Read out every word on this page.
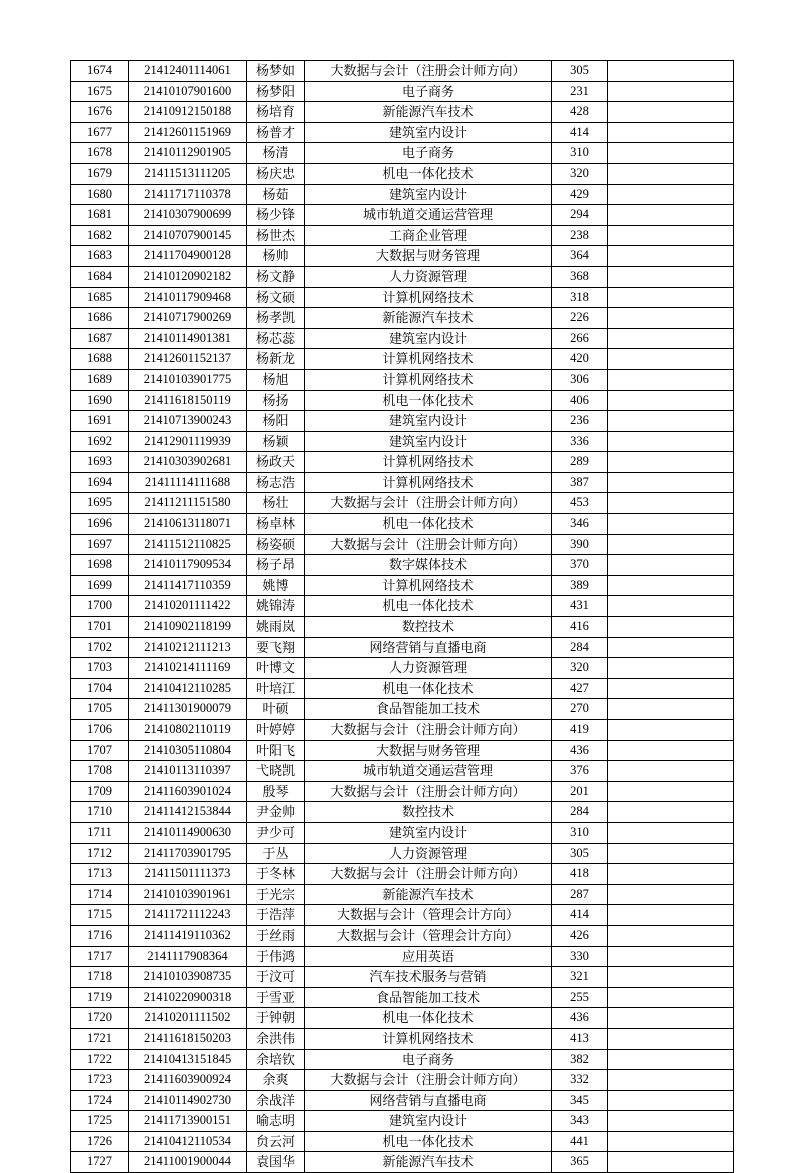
1674	21412401114061	杨梦如	大数据与会计（注册会计师方向）	305	
1675	21410107901600	杨梦阳	电子商务	231	
1676	21410912150188	杨培育	新能源汽车技术	428	
1677	21412601151969	杨普才	建筑室内设计	414	
1678	21410112901905	杨清	电子商务	310	
1679	21411513111205	杨庆忠	机电一体化技术	320	
1680	21411717110378	杨茹	建筑室内设计	429	
1681	21410307900699	杨少锋	城市轨道交通运营管理	294	
1682	21410707900145	杨世杰	工商企业管理	238	
1683	21411704900128	杨帅	大数据与财务管理	364	
1684	21410120902182	杨文静	人力资源管理	368	
1685	21410117909468	杨文硕	计算机网络技术	318	
1686	21410717900269	杨孝凯	新能源汽车技术	226	
1687	21410114901381	杨芯蕊	建筑室内设计	266	
1688	21412601152137	杨新龙	计算机网络技术	420	
1689	21410103901775	杨旭	计算机网络技术	306	
1690	21411618150119	杨扬	机电一体化技术	406	
1691	21410713900243	杨阳	建筑室内设计	236	
1692	21412901119939	杨颖	建筑室内设计	336	
1693	21410303902681	杨政天	计算机网络技术	289	
1694	21411114111688	杨志浩	计算机网络技术	387	
1695	21411211151580	杨壮	大数据与会计（注册会计师方向）	453	
1696	21410613118071	杨卓林	机电一体化技术	346	
1697	21411512110825	杨姿硕	大数据与会计（注册会计师方向）	390	
1698	21410117909534	杨子昂	数字媒体技术	370	
1699	21411417110359	姚博	计算机网络技术	389	
1700	21410201111422	姚锦涛	机电一体化技术	431	
1701	21410902118199	姚雨岚	数控技术	416	
1702	21410212111213	要飞翔	网络营销与直播电商	284	
1703	21410214111169	叶博文	人力资源管理	320	
1704	21410412110285	叶培江	机电一体化技术	427	
1705	21411301900079	叶硕	食品智能加工技术	270	
1706	21410802110119	叶婷婷	大数据与会计（注册会计师方向）	419	
1707	21410305110804	叶阳飞	大数据与财务管理	436	
1708	21410113110397	弋晓凯	城市轨道交通运营管理	376	
1709	21411603901024	殷琴	大数据与会计（注册会计师方向）	201	
1710	21411412153844	尹金帅	数控技术	284	
1711	21410114900630	尹少可	建筑室内设计	310	
1712	21411703901795	于丛	人力资源管理	305	
1713	21411501111373	于冬林	大数据与会计（注册会计师方向）	418	
1714	21410103901961	于光宗	新能源汽车技术	287	
1715	21411721112243	于浩萍	大数据与会计（管理会计方向）	414	
1716	21411419110362	于丝雨	大数据与会计（管理会计方向）	426	
1717	21411179083​64	于伟鸿	应用英语	330	
1718	21410103908735	于汶可	汽车技术服务与营销	321	
1719	21410220900318	于雪亚	食品智能加工技术	255	
1720	21410201111502	于钟朝	机电一体化技术	436	
1721	21411618150203	余洪伟	计算机网络技术	413	
1722	21410413151845	余培钦	电子商务	382	
1723	21411603900924	余爽	大数据与会计（注册会计师方向）	332	
1724	21410114902730	余战洋	网络营销与直播电商	345	
1725	21411713900151	喻志明	建筑室内设计	343	
1726	21410412110534	贠云河	机电一体化技术	441	
1727	21411001900044	袁国华	新能源汽车技术	365	
